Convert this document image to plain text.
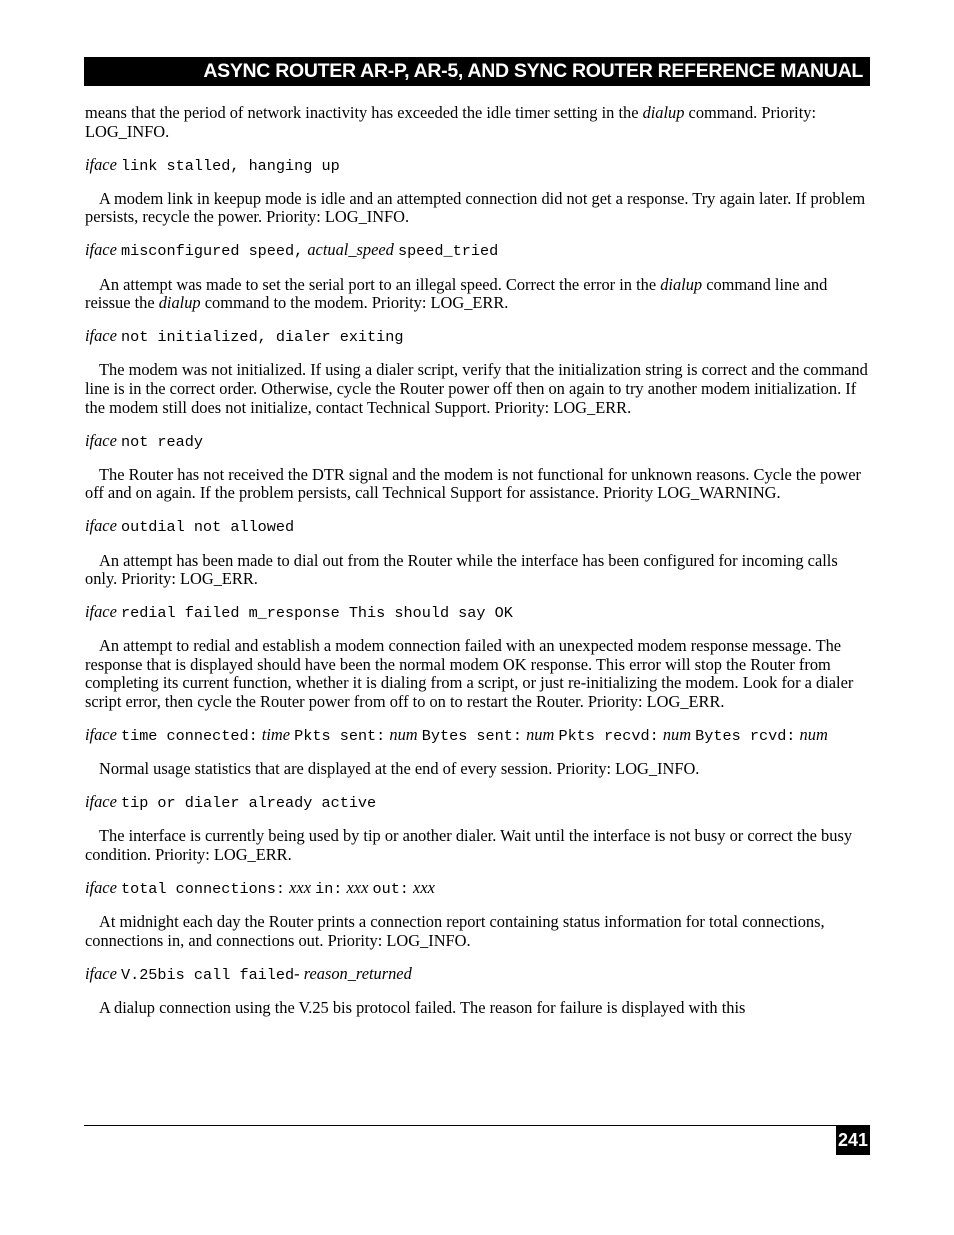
ASYNC ROUTER AR-P, AR-5, AND SYNC ROUTER REFERENCE MANUAL

means that the period of network inactivity has exceeded the idle timer setting in the dialup command. Priority: LOG_INFO.

iface link stalled, hanging up

A modem link in keepup mode is idle and an attempted connection did not get a response. Try again later. If problem persists, recycle the power. Priority: LOG_INFO.

iface misconfigured speed, actual_speed speed_tried

An attempt was made to set the serial port to an illegal speed. Correct the error in the dialup command line and reissue the dialup command to the modem. Priority: LOG_ERR.

iface not initialized, dialer exiting

The modem was not initialized. If using a dialer script, verify that the initialization string is correct and the command line is in the correct order. Otherwise, cycle the Router power off then on again to try another modem initialization. If the modem still does not initialize, contact Technical Support. Priority: LOG_ERR.

iface not ready

The Router has not received the DTR signal and the modem is not functional for unknown reasons. Cycle the power off and on again. If the problem persists, call Technical Support for assistance. Priority LOG_WARNING.

iface outdial not allowed

An attempt has been made to dial out from the Router while the interface has been configured for incoming calls only. Priority: LOG_ERR.

iface redial failed m_response This should say OK

An attempt to redial and establish a modem connection failed with an unexpected modem response message. The response that is displayed should have been the normal modem OK response. This error will stop the Router from completing its current function, whether it is dialing from a script, or just re-initializing the modem. Look for a dialer script error, then cycle the Router power from off to on to restart the Router. Priority: LOG_ERR.

iface time connected: time Pkts sent: num Bytes sent: num Pkts recvd: num Bytes rcvd: num

Normal usage statistics that are displayed at the end of every session. Priority: LOG_INFO.

iface tip or dialer already active

The interface is currently being used by tip or another dialer. Wait until the interface is not busy or correct the busy condition. Priority: LOG_ERR.

iface total connections: xxx in: xxx out: xxx

At midnight each day the Router prints a connection report containing status information for total connections, connections in, and connections out. Priority: LOG_INFO.

iface V.25bis call failed- reason_returned

A dialup connection using the V.25 bis protocol failed. The reason for failure is displayed with this

241
